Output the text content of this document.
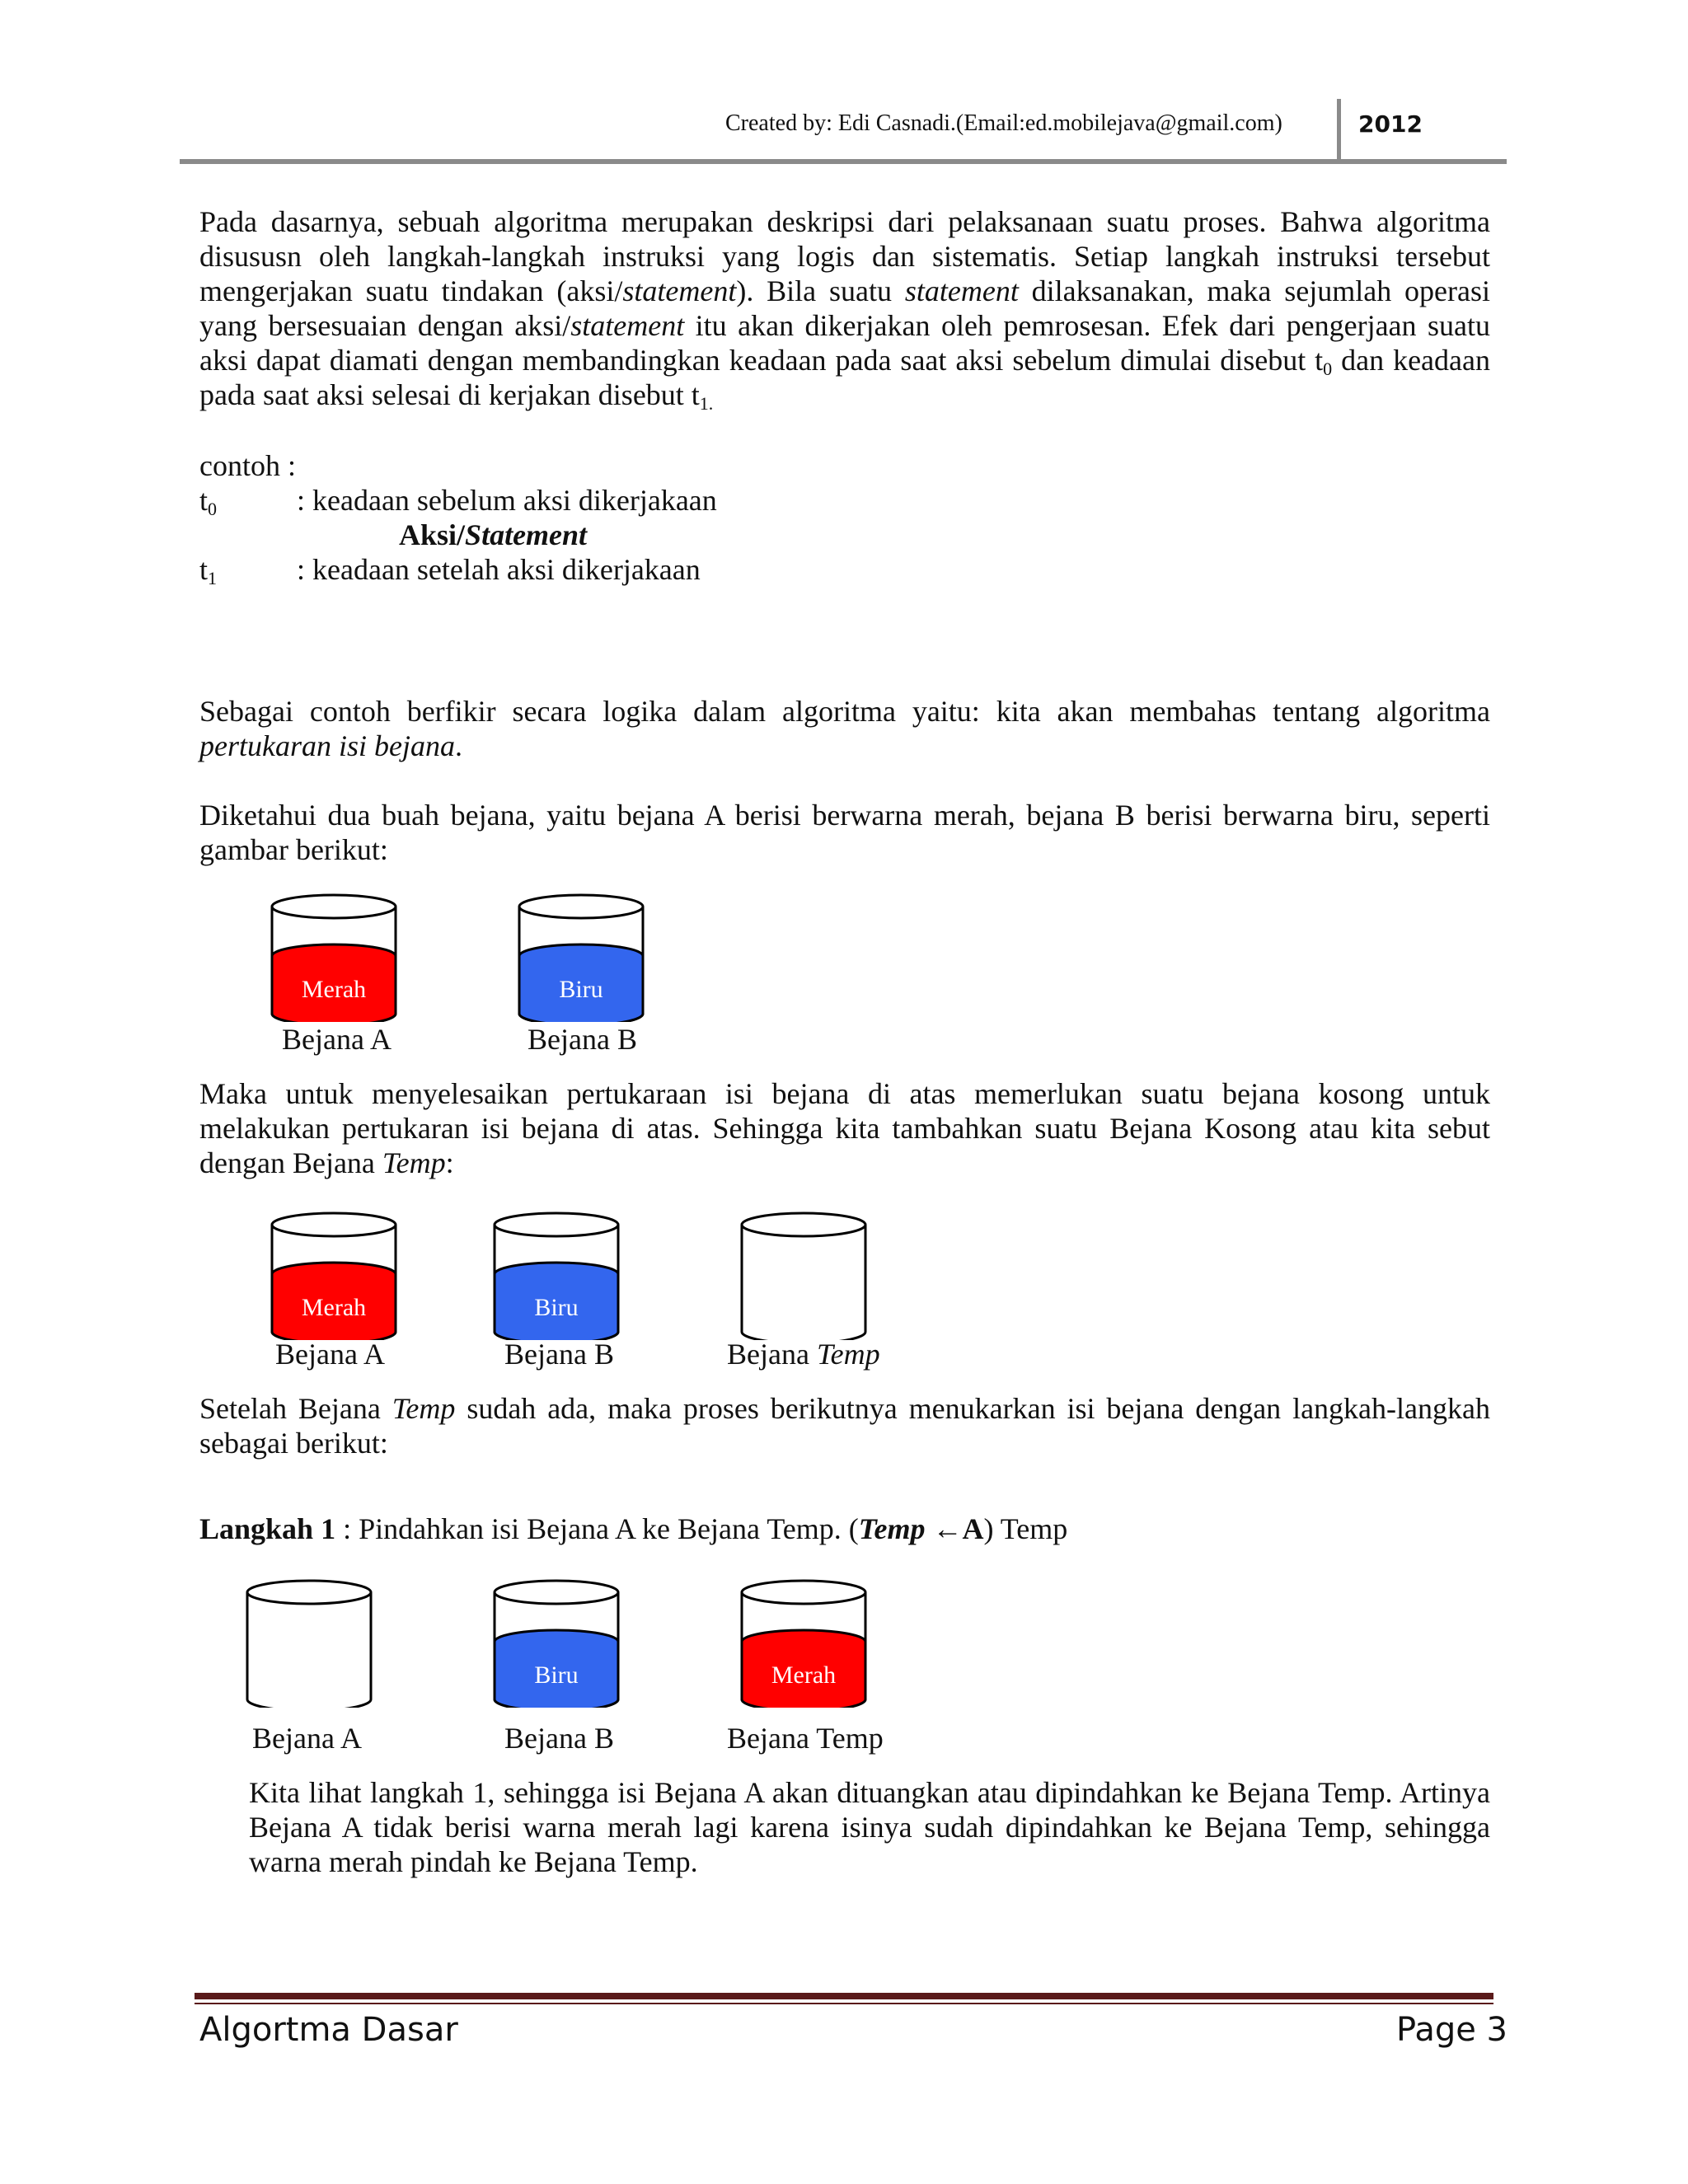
Created by: Edi Casnadi.(Email:ed.mobilejava@gmail.com)	2012
Pada dasarnya, sebuah algoritma merupakan deskripsi dari pelaksanaan suatu proses. Bahwa algoritma disususn oleh langkah-langkah instruksi yang logis dan sistematis. Setiap langkah instruksi tersebut mengerjakan suatu tindakan (aksi/statement). Bila suatu statement dilaksanakan, maka sejumlah operasi yang bersesuaian dengan aksi/statement itu akan dikerjakan oleh pemrosesan. Efek dari pengerjaan suatu aksi dapat diamati dengan membandingkan keadaan pada saat aksi sebelum dimulai disebut $t_0$ dan keadaan pada saat aksi selesai di kerjakan disebut $t_{1.}$
contoh :
$t_0$	: keadaan sebelum aksi dikerjakaan
Aksi/Statement
$t_1$	: keadaan setelah aksi dikerjakaan
Sebagai contoh berfikir secara logika dalam algoritma yaitu: kita akan membahas tentang algoritma pertukaran isi bejana.
Diketahui dua buah bejana, yaitu bejana A berisi berwarna merah, bejana B berisi berwarna biru, seperti gambar berikut:
Merah	Biru
Bejana A	Bejana B
Maka untuk menyelesaikan pertukaraan isi bejana di atas memerlukan suatu bejana kosong untuk melakukan pertukaran isi bejana di atas. Sehingga kita tambahkan suatu Bejana Kosong atau kita sebut dengan Bejana Temp:
Merah	Biru
Bejana A	Bejana B	Bejana Temp
Setelah Bejana Temp sudah ada, maka proses berikutnya menukarkan isi bejana dengan langkah-langkah sebagai berikut:
Langkah 1 : Pindahkan isi Bejana A ke Bejana Temp. (Temp ←A) Temp
Biru	Merah
Bejana A	Bejana B	Bejana Temp
Kita lihat langkah 1, sehingga isi Bejana A akan dituangkan atau dipindahkan ke Bejana Temp. Artinya Bejana A tidak berisi warna merah lagi karena isinya sudah dipindahkan ke Bejana Temp, sehingga warna merah pindah ke Bejana Temp.
Algortma Dasar	Page 3
